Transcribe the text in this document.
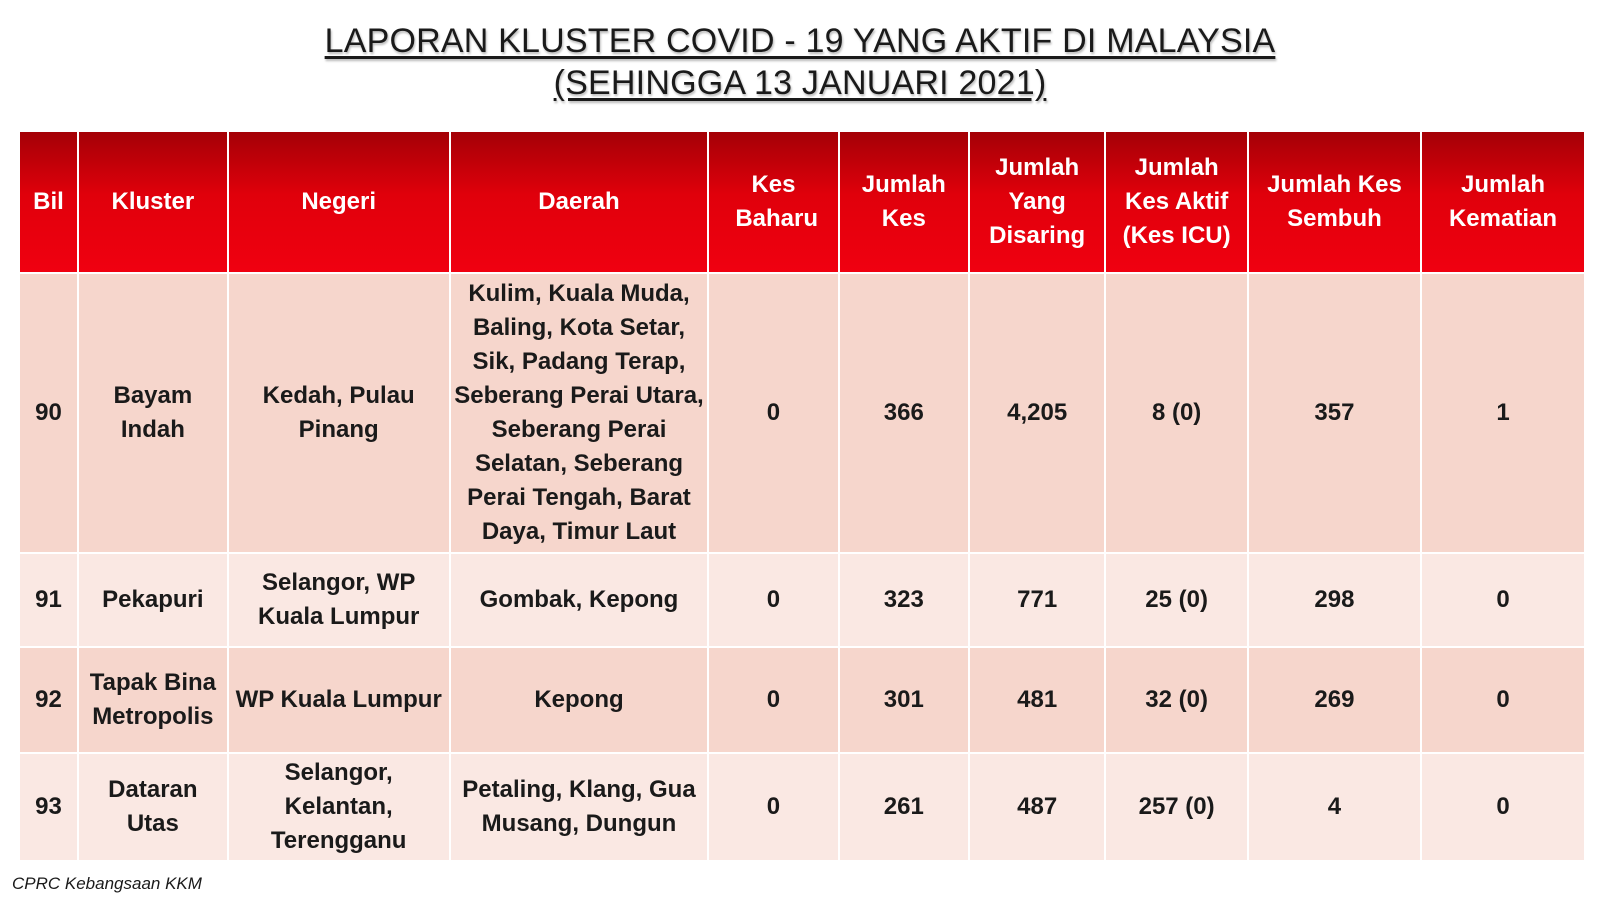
LAPORAN KLUSTER COVID - 19 YANG AKTIF DI MALAYSIA
(SEHINGGA 13 JANUARI 2021)
Bil	Kluster	Negeri	Daerah	Kes Baharu	Jumlah Kes	Jumlah Yang Disaring	Jumlah Kes Aktif (Kes ICU)	Jumlah Kes Sembuh	Jumlah Kematian
90	Bayam Indah	Kedah, Pulau Pinang	Kulim, Kuala Muda, Baling, Kota Setar, Sik, Padang Terap, Seberang Perai Utara, Seberang Perai Selatan, Seberang Perai Tengah, Barat Daya, Timur Laut	0	366	4,205	8 (0)	357	1
91	Pekapuri	Selangor, WP Kuala Lumpur	Gombak, Kepong	0	323	771	25 (0)	298	0
92	Tapak Bina Metropolis	WP Kuala Lumpur	Kepong	0	301	481	32 (0)	269	0
93	Dataran Utas	Selangor, Kelantan, Terengganu	Petaling, Klang, Gua Musang, Dungun	0	261	487	257 (0)	4	0
CPRC Kebangsaan KKM
